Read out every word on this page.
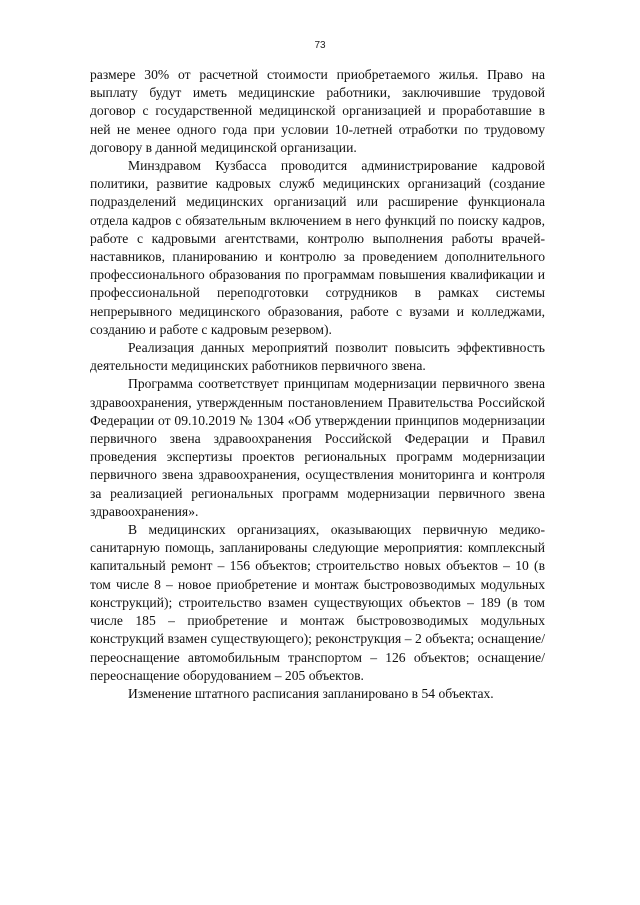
73

размере 30% от расчетной стоимости приобретаемого жилья. Право на выплату будут иметь медицинские работники, заключившие трудовой договор с государственной медицинской организацией и проработавшие в ней не менее одного года при условии 10-летней отработки по трудовому договору в данной медицинской организации.

Минздравом Кузбасса проводится администрирование кадровой политики, развитие кадровых служб медицинских организаций (создание подразделений медицинских организаций или расширение функционала отдела кадров с обязательным включением в него функций по поиску кадров, работе с кадровыми агентствами, контролю выполнения работы врачей-наставников, планированию и контролю за проведением дополнительного профессионального образования по программам повышения квалификации и профессиональной переподготовки сотрудников в рамках системы непрерывного медицинского образования, работе с вузами и колледжами, созданию и работе с кадровым резервом).

Реализация данных мероприятий позволит повысить эффективность деятельности медицинских работников первичного звена.

Программа соответствует принципам модернизации первичного звена здравоохранения, утвержденным постановлением Правительства Российской Федерации от 09.10.2019 № 1304 «Об утверждении принципов модернизации первичного звена здравоохранения Российской Федерации и Правил проведения экспертизы проектов региональных программ модернизации первичного звена здравоохранения, осуществления мониторинга и контроля за реализацией региональных программ модернизации первичного звена здравоохранения».

В медицинских организациях, оказывающих первичную медико-санитарную помощь, запланированы следующие мероприятия: комплексный капитальный ремонт – 156 объектов; строительство новых объектов – 10 (в том числе 8 – новое приобретение и монтаж быстровозводимых модульных конструкций); строительство взамен существующих объектов – 189 (в том числе 185 – приобретение и монтаж быстровозводимых модульных конструкций взамен существующего); реконструкция – 2 объекта; оснащение/переоснащение автомобильным транспортом – 126 объектов; оснащение/переоснащение оборудованием – 205 объектов.

Изменение штатного расписания запланировано в 54 объектах.
